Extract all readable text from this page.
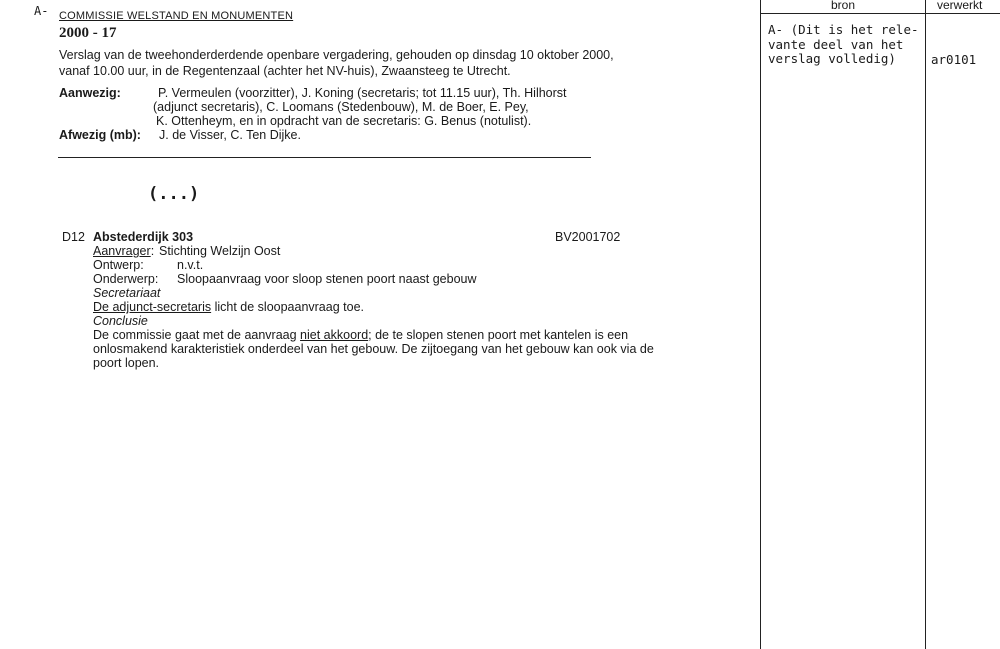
A- COMMISSIE WELSTAND EN MONUMENTEN
2000 - 17
Verslag van de tweehonderderdende openbare vergadering, gehouden op dinsdag 10 oktober 2000,
vanaf 10.00 uur, in de Regentenzaal (achter het NV-huis), Zwaansteeg te Utrecht.
Aanwezig:	P. Vermeulen (voorzitter), J. Koning (secretaris; tot 11.15 uur), Th. Hilhorst
(adjunct secretaris), C. Loomans (Stedenbouw), M. de Boer, E. Pey,
K. Ottenheym, en in opdracht van de secretaris: G. Benus (notulist).
Afwezig (mb): J. de Visser, C. Ten Dijke.
(...)
D12 Abstederdijk 303	BV2001702
Aanvrager: Stichting Welzijn Oost
Ontwerp:	n.v.t.
Onderwerp: Sloopaanvraag voor sloop stenen poort naast gebouw
Secretariaat
De adjunct-secretaris licht de sloopaanvraag toe.
Conclusie
De commissie gaat met de aanvraag niet akkoord; de te slopen stenen poort met kantelen is een
onlosmakend karakteristiek onderdeel van het gebouw. De zijtoegang van het gebouw kan ook via de
poort lopen.
bron	verwerkt
A- (Dit is het rele-
vante deel van het
verslag volledig)	ar0101
